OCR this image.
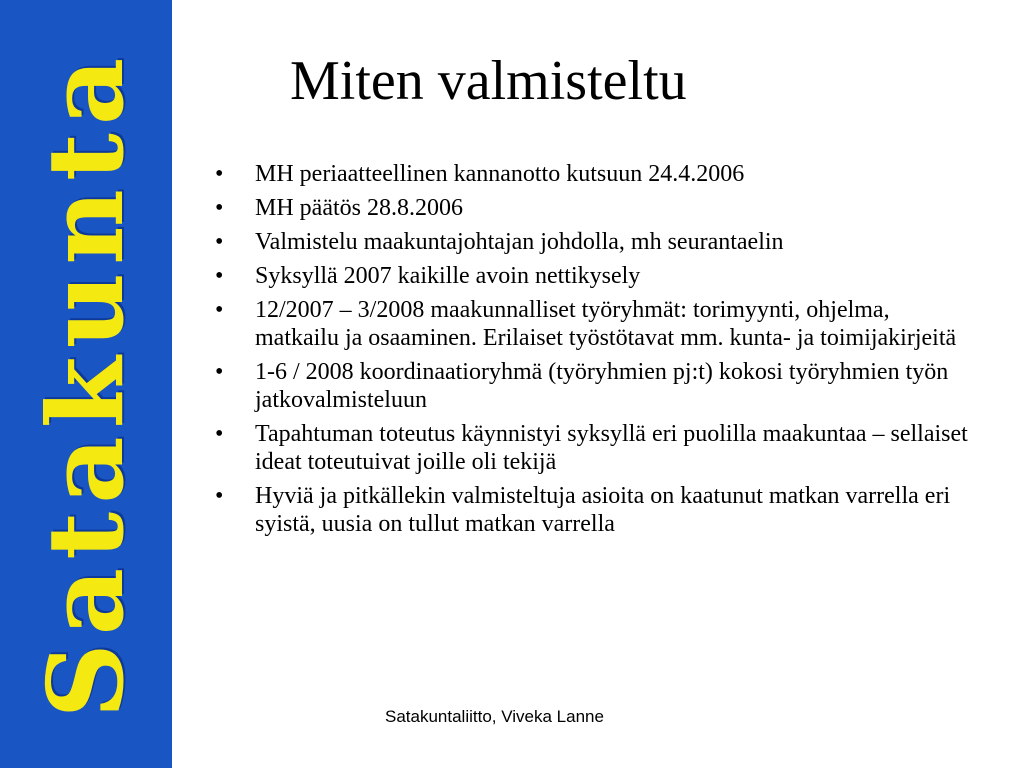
Satakunta	Miten valmisteltu
• MH periaatteellinen kannanotto kutsuun 24.4.2006
• MH päätös 28.8.2006
• Valmistelu maakuntajohtajan johdolla, mh seurantaelin
• Syksyllä 2007 kaikille avoin nettikysely
• 12/2007 – 3/2008 maakunnalliset työryhmät: torimyynti, ohjelma, matkailu ja osaaminen. Erilaiset työstötavat mm. kunta- ja toimijakirjeitä
• 1-6 / 2008 koordinaatioryhmä (työryhmien pj:t) kokosi työryhmien työn jatkovalmisteluun
• Tapahtuman toteutus käynnistyi syksyllä eri puolilla maakuntaa – sellaiset ideat toteutuivat joille oli tekijä
• Hyviä ja pitkällekin valmisteltuja asioita on kaatunut matkan varrella eri syistä, uusia on tullut matkan varrella
Satakuntaliitto, Viveka Lanne
